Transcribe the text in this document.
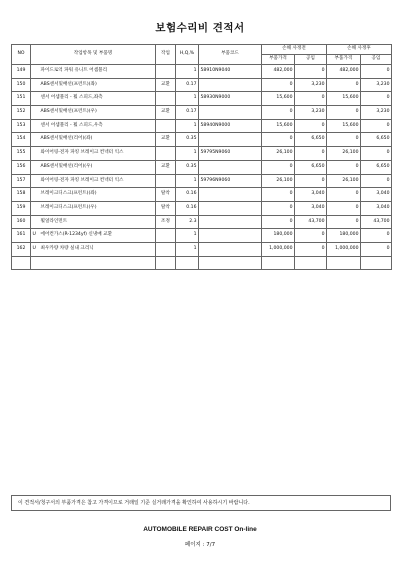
보험수리비 견적서
NO	작업항목 및 부품명	작업	H,Q,%	부품코드	손해 사정전		손해 사정후	
					부품가격	공임	부품가격	공임
149	파이드로억 파워 유니트 어셈블리		1	58910N9040	482,000	0	482,000	0
150	ABS센서및배선(프런트)(좌)	교환	0.17		0	3,230	0	3,230
151	센서 어셈블리 - 휠 스피드,좌측		1	58930N9000	15,600	0	15,600	0
152	ABS센서및배선(프런트)(우)	교환	0.17		0	3,230	0	3,230
153	센서 어셈블리 - 휠 스피드,우측		1	58940N9000	15,600	0	15,600	0
154	ABS센서및배선(리어)(좌)	교환	0.35		0	6,650	0	6,650
155	와이어링-전자 파킹 브레이크 컨넥터 익스		1	59795N9060	26,100	0	26,100	0
156	ABS센서및배선(리어)(우)	교환	0.35		0	6,650	0	6,650
157	와이어링-전자 파킹 브레이크 컨넥터 익스		1	59796N9060	26,100	0	26,100	0
158	브레이크디스크(프런트)(좌)	탈착	0.16		0	3,040	0	3,040
159	브레이크디스크(프런트)(우)	탈착	0.16		0	3,040	0	3,040
160	휠얼라인먼트	조정	2.3		0	43,700	0	43,700
161	U 에어컨가스(R-1234yf) 신냉매 교환		1		180,000	0	180,000	0
162	U 최우카량 차량 실내 크리닉		1		1,000,000	0	1,000,000	0

이 견적서/청구서의 부품가격은 참고 가격이므로 거래일 기준 실거래가격을 확인하여 사용하시기 바랍니다.
AUTOMOBILE REPAIR COST On-line
페이지 : 7/7
